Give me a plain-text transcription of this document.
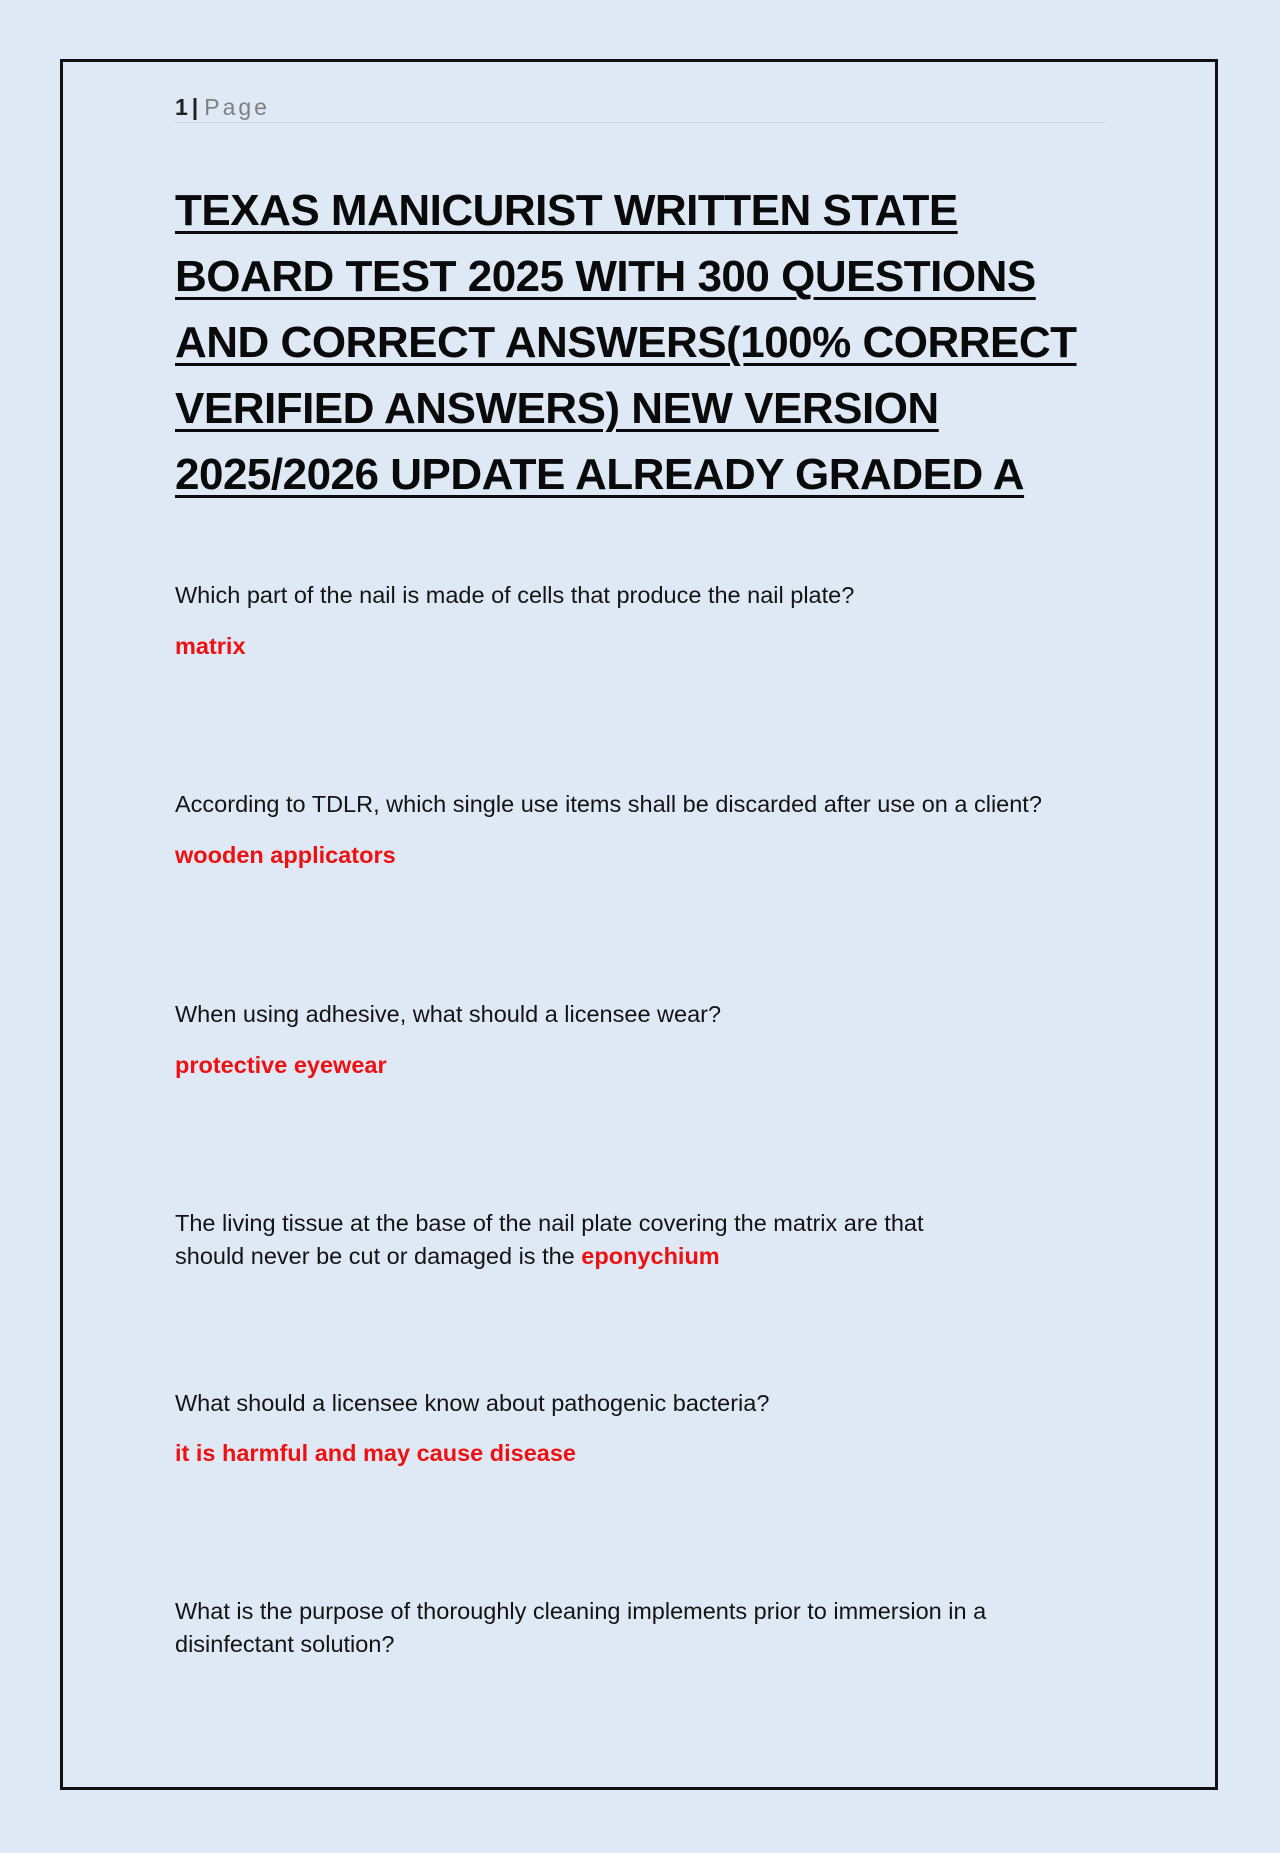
1 | Page
TEXAS MANICURIST WRITTEN STATE BOARD TEST 2025 WITH 300 QUESTIONS AND CORRECT ANSWERS(100% CORRECT VERIFIED ANSWERS) NEW VERSION 2025/2026 UPDATE ALREADY GRADED A

Which part of the nail is made of cells that produce the nail plate?

matrix

According to TDLR, which single use items shall be discarded after use on a client?

wooden applicators

When using adhesive, what should a licensee wear?

protective eyewear

The living tissue at the base of the nail plate covering the matrix are that

should never be cut or damaged is the eponychium

What should a licensee know about pathogenic bacteria?

it is harmful and may cause disease

What is the purpose of thoroughly cleaning implements prior to immersion in a

disinfectant solution?
